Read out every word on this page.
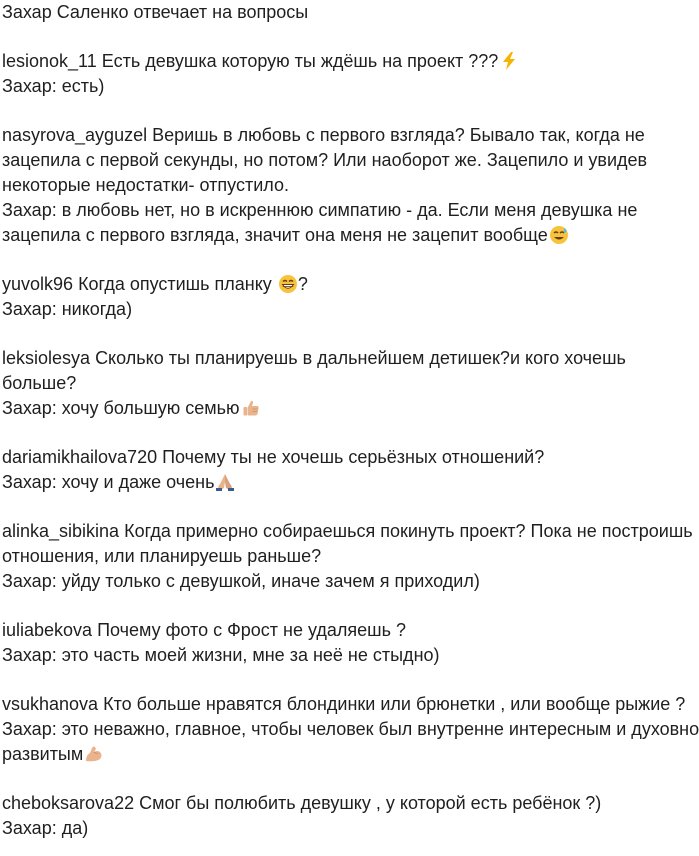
Захар Саленко отвечает на вопросы

lesionok_11 Есть девушка которую ты ждёшь на проект ???

Захар: есть)

nasyrova_ayguzel Веришь в любовь с первого взгляда? Бывало так, когда не

зацепила с первой секунды, но потом? Или наоборот же. Зацепило и увидев

некоторые недостатки- отпустило.

Захар: в любовь нет, но в искреннюю симпатию - да. Если меня девушка не

зацепила с первого взгляда, значит она меня не зацепит вообще

yuvolk96 Когда опустишь планку ?

Захар: никогда)

leksiolesya Сколько ты планируешь в дальнейшем детишек?и кого хочешь

больше?

Захар: хочу большую семью

dariamikhailova720 Почему ты не хочешь серьёзных отношений?

Захар: хочу и даже очень

alinka_sibikina Когда примерно собираешься покинуть проект? Пока не построишь

отношения, или планируешь раньше?

Захар: уйду только с девушкой, иначе зачем я приходил)

iuliabekova Почему фото с Фрост не удаляешь ?

Захар: это часть моей жизни, мне за неё не стыдно)

vsukhanova Кто больше нравятся блондинки или брюнетки , или вообще рыжие ?

Захар: это неважно, главное, чтобы человек был внутренне интересным и духовно

развитым

cheboksarova22 Смог бы полюбить девушку , у которой есть ребёнок ?)

Захар: да)
